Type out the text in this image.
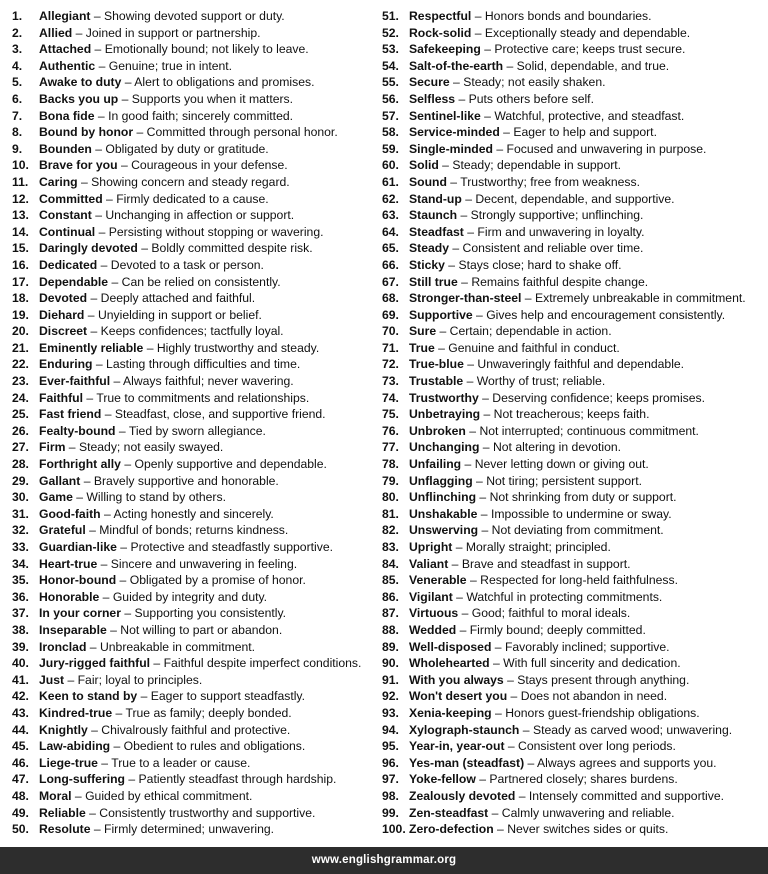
1.	Allegiant – Showing devoted support or duty.
2.	Allied – Joined in support or partnership.
3.	Attached – Emotionally bound; not likely to leave.
4.	Authentic – Genuine; true in intent.
5.	Awake to duty – Alert to obligations and promises.
6.	Backs you up – Supports you when it matters.
7.	Bona fide – In good faith; sincerely committed.
8.	Bound by honor – Committed through personal honor.
9.	Bounden – Obligated by duty or gratitude.
10. Brave for you – Courageous in your defense.
11. Caring – Showing concern and steady regard.
12. Committed – Firmly dedicated to a cause.
13. Constant – Unchanging in affection or support.
14. Continual – Persisting without stopping or wavering.
15. Daringly devoted – Boldly committed despite risk.
16. Dedicated – Devoted to a task or person.
17. Dependable – Can be relied on consistently.
18. Devoted – Deeply attached and faithful.
19. Diehard – Unyielding in support or belief.
20. Discreet – Keeps confidences; tactfully loyal.
21. Eminently reliable – Highly trustworthy and steady.
22. Enduring – Lasting through difficulties and time.
23. Ever-faithful – Always faithful; never wavering.
24. Faithful – True to commitments and relationships.
25. Fast friend – Steadfast, close, and supportive friend.
26. Fealty-bound – Tied by sworn allegiance.
27. Firm – Steady; not easily swayed.
28. Forthright ally – Openly supportive and dependable.
29. Gallant – Bravely supportive and honorable.
30. Game – Willing to stand by others.
31. Good-faith – Acting honestly and sincerely.
32. Grateful – Mindful of bonds; returns kindness.
33. Guardian-like – Protective and steadfastly supportive.
34. Heart-true – Sincere and unwavering in feeling.
35. Honor-bound – Obligated by a promise of honor.
36. Honorable – Guided by integrity and duty.
37. In your corner – Supporting you consistently.
38. Inseparable – Not willing to part or abandon.
39. Ironclad – Unbreakable in commitment.
40. Jury-rigged faithful – Faithful despite imperfect conditions.
41. Just – Fair; loyal to principles.
42. Keen to stand by – Eager to support steadfastly.
43. Kindred-true – True as family; deeply bonded.
44. Knightly – Chivalrously faithful and protective.
45. Law-abiding – Obedient to rules and obligations.
46. Liege-true – True to a leader or cause.
47. Long-suffering – Patiently steadfast through hardship.
48. Moral – Guided by ethical commitment.
49. Reliable – Consistently trustworthy and supportive.
50. Resolute – Firmly determined; unwavering.
51. Respectful – Honors bonds and boundaries.
52. Rock-solid – Exceptionally steady and dependable.
53. Safekeeping – Protective care; keeps trust secure.
54. Salt-of-the-earth – Solid, dependable, and true.
55. Secure – Steady; not easily shaken.
56. Selfless – Puts others before self.
57. Sentinel-like – Watchful, protective, and steadfast.
58. Service-minded – Eager to help and support.
59. Single-minded – Focused and unwavering in purpose.
60. Solid – Steady; dependable in support.
61. Sound – Trustworthy; free from weakness.
62. Stand-up – Decent, dependable, and supportive.
63. Staunch – Strongly supportive; unflinching.
64. Steadfast – Firm and unwavering in loyalty.
65. Steady – Consistent and reliable over time.
66. Sticky – Stays close; hard to shake off.
67. Still true – Remains faithful despite change.
68. Stronger-than-steel – Extremely unbreakable in commitment.
69. Supportive – Gives help and encouragement consistently.
70. Sure – Certain; dependable in action.
71. True – Genuine and faithful in conduct.
72. True-blue – Unwaveringly faithful and dependable.
73. Trustable – Worthy of trust; reliable.
74. Trustworthy – Deserving confidence; keeps promises.
75. Unbetraying – Not treacherous; keeps faith.
76. Unbroken – Not interrupted; continuous commitment.
77. Unchanging – Not altering in devotion.
78. Unfailing – Never letting down or giving out.
79. Unflagging – Not tiring; persistent support.
80. Unflinching – Not shrinking from duty or support.
81. Unshakable – Impossible to undermine or sway.
82. Unswerving – Not deviating from commitment.
83. Upright – Morally straight; principled.
84. Valiant – Brave and steadfast in support.
85. Venerable – Respected for long-held faithfulness.
86. Vigilant – Watchful in protecting commitments.
87. Virtuous – Good; faithful to moral ideals.
88. Wedded – Firmly bound; deeply committed.
89. Well-disposed – Favorably inclined; supportive.
90. Wholehearted – With full sincerity and dedication.
91. With you always – Stays present through anything.
92. Won't desert you – Does not abandon in need.
93. Xenia-keeping – Honors guest-friendship obligations.
94. Xylograph-staunch – Steady as carved wood; unwavering.
95. Year-in, year-out – Consistent over long periods.
96. Yes-man (steadfast) – Always agrees and supports you.
97. Yoke-fellow – Partnered closely; shares burdens.
98. Zealously devoted – Intensely committed and supportive.
99. Zen-steadfast – Calmly unwavering and reliable.
100. Zero-defection – Never switches sides or quits.
www.englishgrammar.org
